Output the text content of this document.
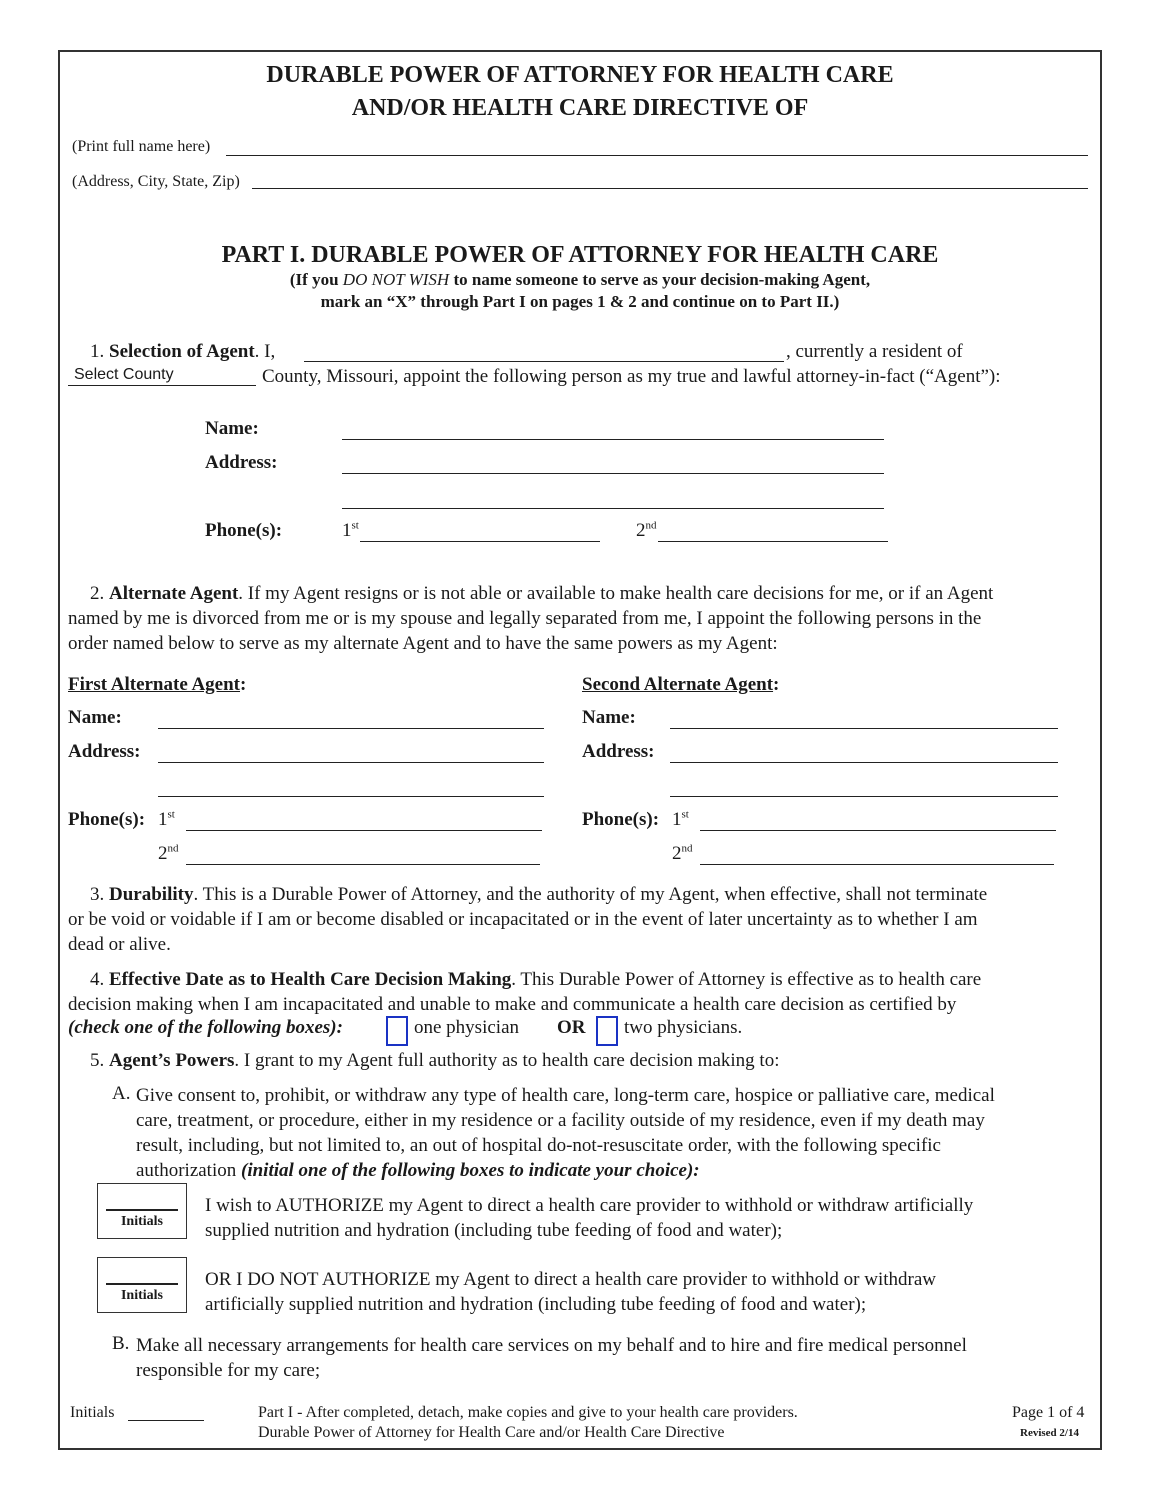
DURABLE POWER OF ATTORNEY FOR HEALTH CARE
AND/OR HEALTH CARE DIRECTIVE OF
(Print full name here)
(Address, City, State, Zip)
PART I. DURABLE POWER OF ATTORNEY FOR HEALTH CARE
(If you DO NOT WISH to name someone to serve as your decision-making Agent,
mark an “X” through Part I on pages 1 & 2 and continue on to Part II.)
1. Selection of Agent. I,	, currently a resident of
Select County	County, Missouri, appoint the following person as my true and lawful attorney-in-fact (“Agent”):
Name:
Address:
Phone(s):	1st	2nd
2. Alternate Agent. If my Agent resigns or is not able or available to make health care decisions for me, or if an Agent
named by me is divorced from me or is my spouse and legally separated from me, I appoint the following persons in the
order named below to serve as my alternate Agent and to have the same powers as my Agent:
First Alternate Agent:
Name:
Address:
Phone(s): 1st
2nd
Second Alternate Agent:
Name:
Address:
Phone(s): 1st
2nd
3. Durability. This is a Durable Power of Attorney, and the authority of my Agent, when effective, shall not terminate
or be void or voidable if I am or become disabled or incapacitated or in the event of later uncertainty as to whether I am
dead or alive.
4. Effective Date as to Health Care Decision Making. This Durable Power of Attorney is effective as to health care
decision making when I am incapacitated and unable to make and communicate a health care decision as certified by
(check one of the following boxes):	one physician OR two physicians.
5. Agent’s Powers. I grant to my Agent full authority as to health care decision making to:
A. Give consent to, prohibit, or withdraw any type of health care, long-term care, hospice or palliative care, medical
care, treatment, or procedure, either in my residence or a facility outside of my residence, even if my death may
result, including, but not limited to, an out of hospital do-not-resuscitate order, with the following specific
authorization (initial one of the following boxes to indicate your choice):
Initials
I wish to AUTHORIZE my Agent to direct a health care provider to withhold or withdraw artificially
supplied nutrition and hydration (including tube feeding of food and water);
Initials
OR I DO NOT AUTHORIZE my Agent to direct a health care provider to withhold or withdraw
artificially supplied nutrition and hydration (including tube feeding of food and water);
B. Make all necessary arrangements for health care services on my behalf and to hire and fire medical personnel
responsible for my care;
Initials	Part I - After completed, detach, make copies and give to your health care providers.
Durable Power of Attorney for Health Care and/or Health Care Directive
Page 1 of 4
Revised 2/14
